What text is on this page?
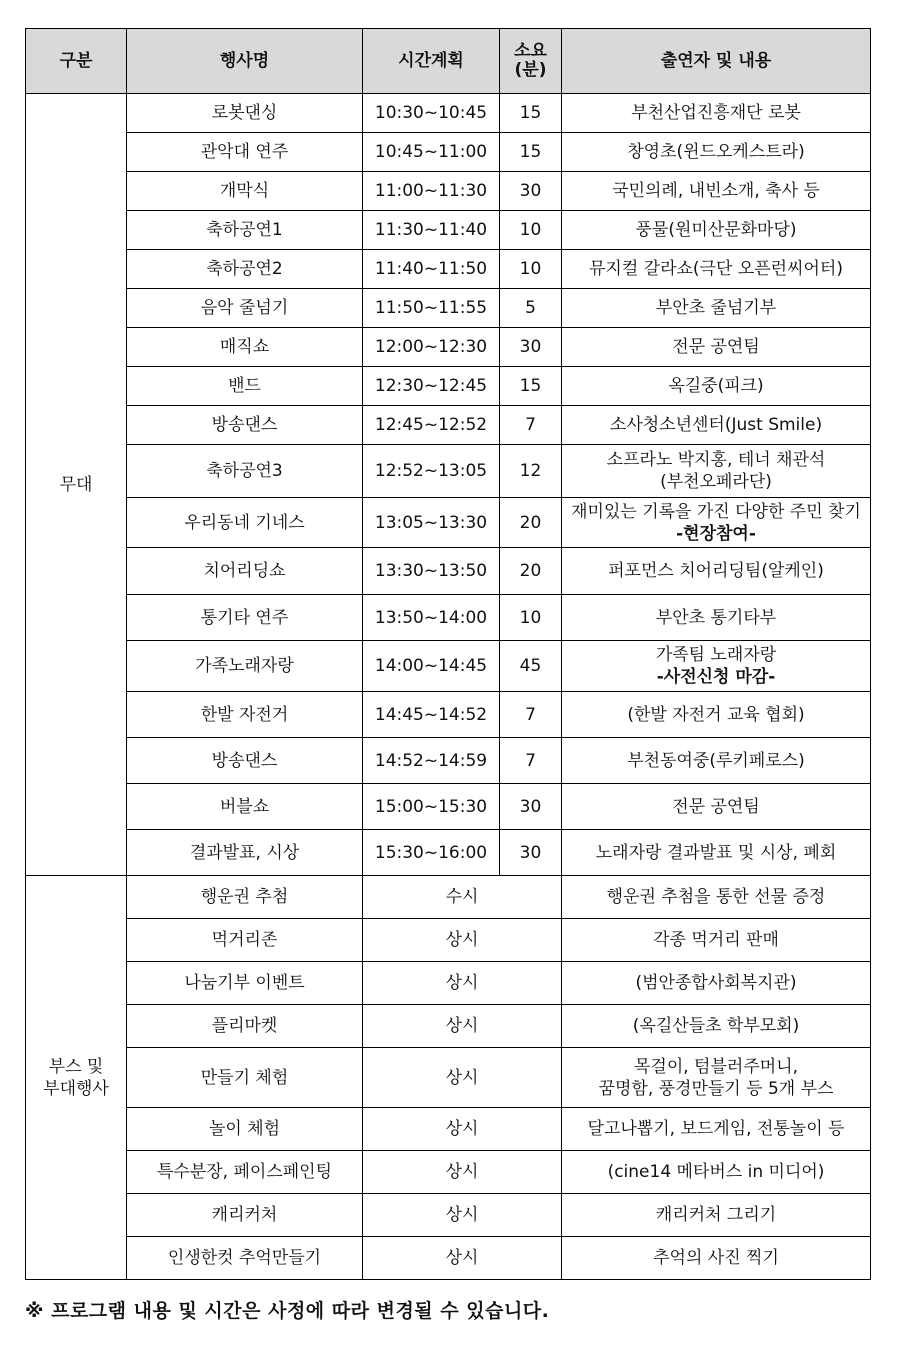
구분	행사명	시간계획	소요 (분)	출연자 및 내용
무대	로봇댄싱	10:30~10:45	15	부천산업진흥재단 로봇
	관악대 연주	10:45~11:00	15	창영초(윈드오케스트라)
	개막식	11:00~11:30	30	국민의례, 내빈소개, 축사 등
	축하공연1	11:30~11:40	10	풍물(원미산문화마당)
	축하공연2	11:40~11:50	10	뮤지컬 갈라쇼(극단 오픈런씨어터)
	음악 줄넘기	11:50~11:55	5	부안초 줄넘기부
	매직쇼	12:00~12:30	30	전문 공연팀
	밴드	12:30~12:45	15	옥길중(피크)
	방송댄스	12:45~12:52	7	소사청소년센터(Just Smile)
	축하공연3	12:52~13:05	12	소프라노 박지홍, 테너 채관석
(부천오페라단)

	우리동네 기네스	13:05~13:30	20	재미있는 기록을 가진 다양한 주민 찾기
-현장참여-

	치어리딩쇼	13:30~13:50	20	퍼포먼스 치어리딩팀(알케인)
	통기타 연주	13:50~14:00	10	부안초 통기타부
	가족노래자랑	14:00~14:45	45	가족팀 노래자랑
-사전신청 마감-

	한발 자전거	14:45~14:52	7	(한발 자전거 교육 협회)
	방송댄스	14:52~14:59	7	부천동여중(루키페로스)
	버블쇼	15:00~15:30	30	전문 공연팀
	결과발표, 시상	15:30~16:00	30	노래자랑 결과발표 및 시상, 폐회

부스 및
부대행사	행운권 추첨	수시		행운권 추첨을 통한 선물 증정
	먹거리존	상시		각종 먹거리 판매
	나눔기부 이벤트	상시		(범안종합사회복지관)
	플리마켓	상시		(옥길산들초 학부모회)
	만들기 체험	상시		목걸이, 텀블러주머니,
꿈명함, 풍경만들기 등 5개 부스

	놀이 체험	상시		달고나뽑기, 보드게임, 전통놀이 등
	특수분장, 페이스페인팅	상시		(cine14 메타버스 in 미디어)
	캐리커처	상시		캐리커처 그리기
	인생한컷 추억만들기	상시		추억의 사진 찍기
※ 프로그램 내용 및 시간은 사정에 따라 변경될 수 있습니다.
